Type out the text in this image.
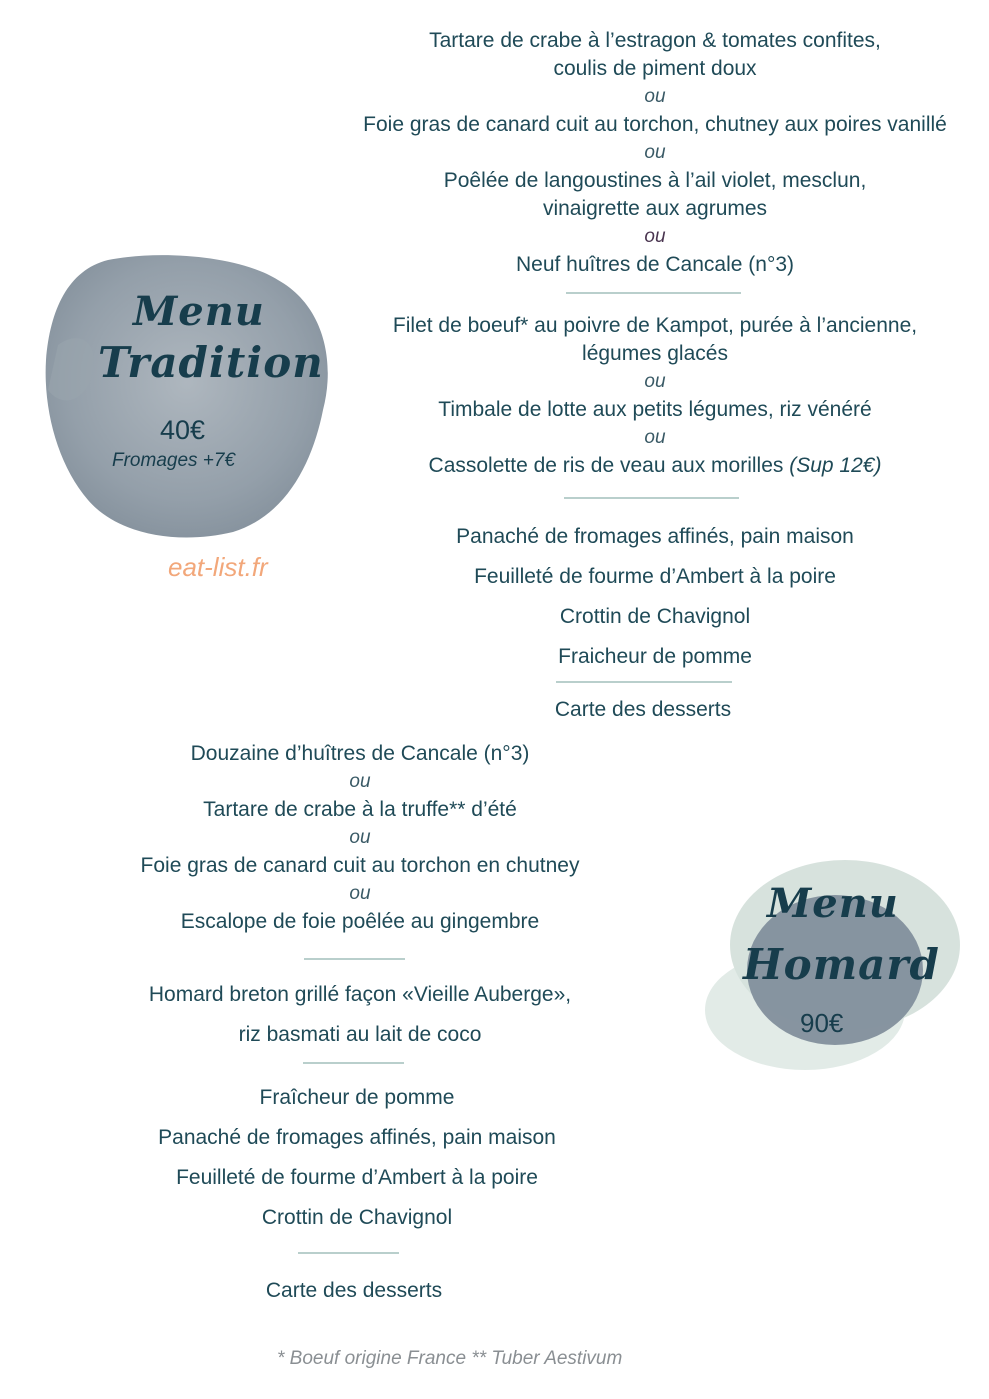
Menu
Tradition
40€
Fromages +7€
eat-list.fr
Tartare de crabe à l’estragon & tomates confites,
coulis de piment doux
ou
Foie gras de canard cuit au torchon, chutney aux poires vanillé
ou
Poêlée de langoustines à l’ail violet, mesclun,
vinaigrette aux agrumes
ou
Neuf huîtres de Cancale (n°3)
Filet de boeuf* au poivre de Kampot, purée à l’ancienne,
légumes glacés
ou
Timbale de lotte aux petits légumes, riz vénéré
ou
Cassolette de ris de veau aux morilles (Sup 12€)
Panaché de fromages affinés, pain maison
Feuilleté de fourme d’Ambert à la poire
Crottin de Chavignol
Fraicheur de pomme
Carte des desserts
Menu
Homard
90€
Douzaine d’huîtres de Cancale (n°3)
ou
Tartare de crabe à la truffe** d’été
ou
Foie gras de canard cuit au torchon en chutney
ou
Escalope de foie poêlée au gingembre
Homard breton grillé façon «Vieille Auberge»,
riz basmati au lait de coco
Fraîcheur de pomme
Panaché de fromages affinés, pain maison
Feuilleté de fourme d’Ambert à la poire
Crottin de Chavignol
Carte des desserts
* Boeuf origine France ** Tuber Aestivum
